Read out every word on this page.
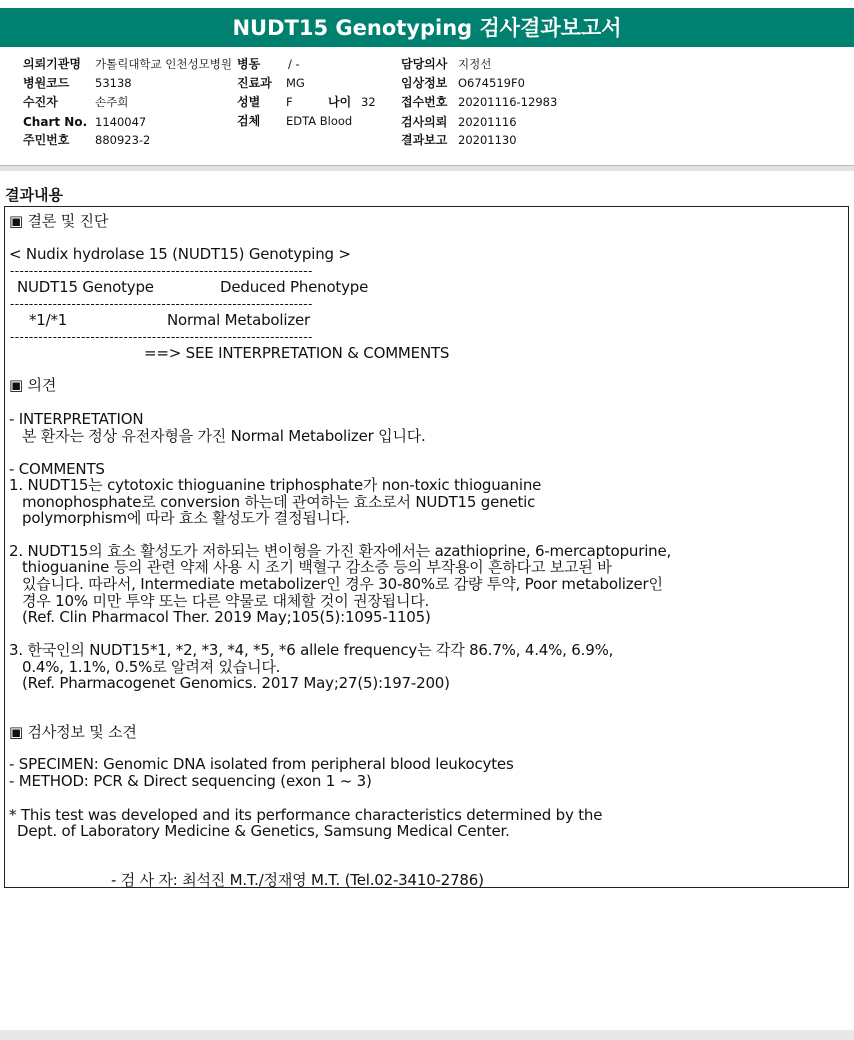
NUDT15 Genotyping 검사결과보고서
의뢰기관명 가톨릭대학교 인천성모병원 병동 / -	담당의사 지정선
병원코드 53138	진료과 MG	임상정보 O674519F0
수진자	손주희	성별 F	나이 32 접수번호 20201116-12983
Chart No. 1140047	검체 EDTA Blood	검사의뢰 20201116
주민번호 880923-2	결과보고 20201130
결과내용
▣ 결론 및 진단
< Nudix hydrolase 15 (NUDT15) Genotyping >
----------------------------------------------------------------
NUDT15 Genotype	Deduced Phenotype
----------------------------------------------------------------
*1/*1	Normal Metabolizer
----------------------------------------------------------------
==> SEE INTERPRETATION & COMMENTS
▣ 의견
- INTERPRETATION
본 환자는 정상 유전자형을 가진 Normal Metabolizer 입니다.
- COMMENTS
1. NUDT15는 cytotoxic thioguanine triphosphate가 non-toxic thioguanine
monophosphate로 conversion 하는데 관여하는 효소로서 NUDT15 genetic
polymorphism에 따라 효소 활성도가 결정됩니다.
2. NUDT15의 효소 활성도가 저하되는 변이형을 가진 환자에서는 azathioprine, 6-mercaptopurine,
thioguanine 등의 관련 약제 사용 시 조기 백혈구 감소증 등의 부작용이 흔하다고 보고된 바
있습니다. 따라서, Intermediate metabolizer인 경우 30-80%로 감량 투약, Poor metabolizer인
경우 10% 미만 투약 또는 다른 약물로 대체할 것이 권장됩니다.
(Ref. Clin Pharmacol Ther. 2019 May;105(5):1095-1105)
3. 한국인의 NUDT15*1, *2, *3, *4, *5, *6 allele frequency는 각각 86.7%, 4.4%, 6.9%,
0.4%, 1.1%, 0.5%로 알려져 있습니다.
(Ref. Pharmacogenet Genomics. 2017 May;27(5):197-200)
▣ 검사정보 및 소견
- SPECIMEN: Genomic DNA isolated from peripheral blood leukocytes
- METHOD: PCR & Direct sequencing (exon 1 ~ 3)
* This test was developed and its performance characteristics determined by the
Dept. of Laboratory Medicine & Genetics, Samsung Medical Center.
- 검 사 자: 최석진 M.T./정재영 M.T. (Tel.02-3410-2786)
